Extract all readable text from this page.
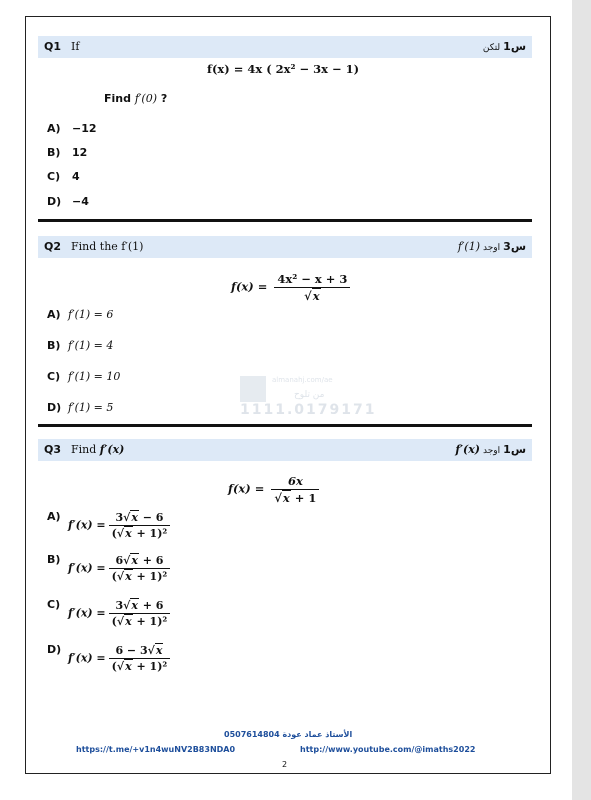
Q1 If	س1لتكن
f(x) = 4x ( 2x² − 3x − 1)
Find f′(0) ?
Q2 Find the f′(1)	س3اوجدf′(1)
$f(x) = \frac{\text{4x² − x + 3}}{√x}$
almanahj.com/ae
من تلوح
1111.0179171
Q3 Find f′(x)	س1اوجدf′(x)
$f(x) = \frac{6x}{√x + 1}$
الأستاذ عماد عودة 0507614804
https://t.me/+v1n4wuNV2B83NDA0	http://www.youtube.com/@imaths2022
2
A) −12
B) 12
C) 4
D) −4
A) f′(1) = 6
B) f′(1) = 4
C) f′(1) = 10
D) f′(1) = 5
A)
$f'(x) = \frac{3√x - 6}{\text{(√x + 1)²}}$
B)
$f'(x) = \frac{6√x + 6}{\text{(√x + 1)²}}$
C)
$f'(x) = \frac{3√x + 6}{\text{(√x + 1)²}}$
D)
$f'(x) = \frac{6 - 3√x}{\text{(√x + 1)²}}$
